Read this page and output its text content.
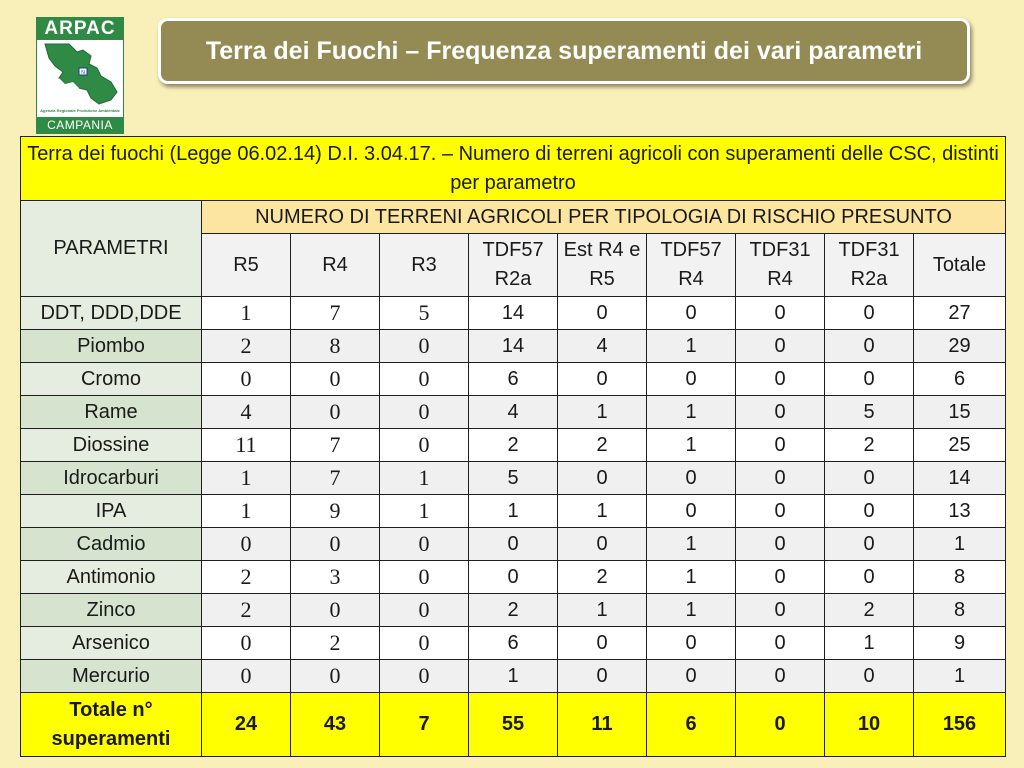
ARPAC
N
Agenzia Regionale Protezione Ambientale
CAMPANIA
Terra dei Fuochi – Frequenza superamenti dei vari parametri
Terra dei fuochi (Legge 06.02.14) D.I. 3.04.17. – Numero di terreni agricoli con superamenti delle CSC, distinti per parametro									
PARAMETRI	NUMERO DI TERRENI AGRICOLI PER TIPOLOGIA DI RISCHIO PRESUNTO								
	R5	R4	R3	TDF57 R2a	Est R4 e R5	TDF57 R4	TDF31 R4	TDF31 R2a	Totale
DDT, DDD,DDE	1	7	5	14	0	0	0	0	27
Piombo	2	8	0	14	4	1	0	0	29
Cromo	0	0	0	6	0	0	0	0	6
Rame	4	0	0	4	1	1	0	5	15
Diossine	11	7	0	2	2	1	0	2	25
Idrocarburi	1	7	1	5	0	0	0	0	14
IPA	1	9	1	1	1	0	0	0	13
Cadmio	0	0	0	0	0	1	0	0	1
Antimonio	2	3	0	0	2	1	0	0	8
Zinco	2	0	0	2	1	1	0	2	8
Arsenico	0	2	0	6	0	0	0	1	9
Mercurio	0	0	0	1	0	0	0	0	1
Totale n° superamenti	24	43	7	55	11	6	0	10	156
